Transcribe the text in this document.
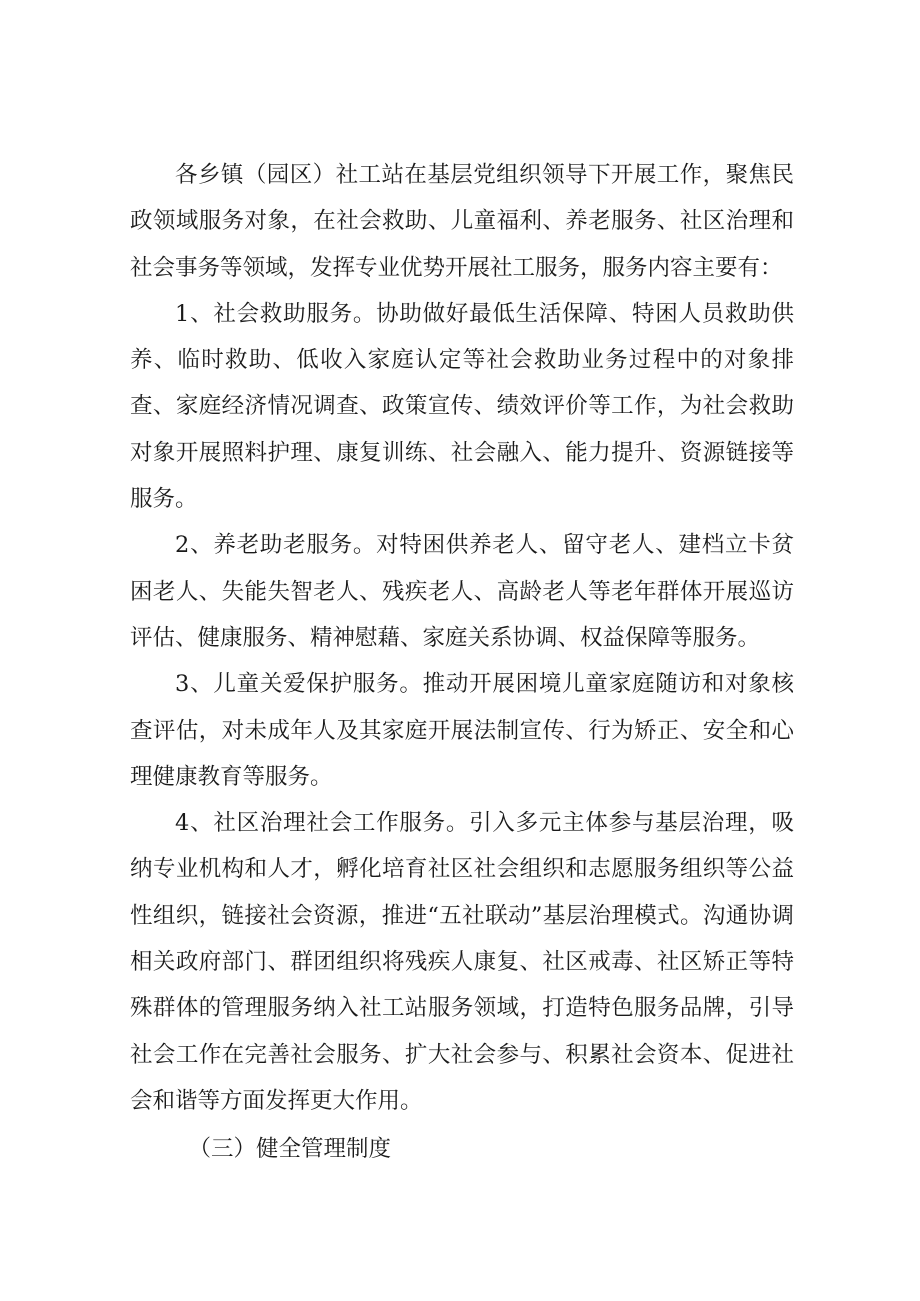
各乡镇（园区）社工站在基层党组织领导下开展工作，聚焦民政领域服务对象，在社会救助、儿童福利、养老服务、社区治理和社会事务等领域，发挥专业优势开展社工服务，服务内容主要有：

1、社会救助服务。协助做好最低生活保障、特困人员救助供养、临时救助、低收入家庭认定等社会救助业务过程中的对象排查、家庭经济情况调查、政策宣传、绩效评价等工作，为社会救助对象开展照料护理、康复训练、社会融入、能力提升、资源链接等服务。

2、养老助老服务。对特困供养老人、留守老人、建档立卡贫困老人、失能失智老人、残疾老人、高龄老人等老年群体开展巡访评估、健康服务、精神慰藉、家庭关系协调、权益保障等服务。

3、儿童关爱保护服务。推动开展困境儿童家庭随访和对象核查评估，对未成年人及其家庭开展法制宣传、行为矫正、安全和心理健康教育等服务。

4、社区治理社会工作服务。引入多元主体参与基层治理，吸纳专业机构和人才，孵化培育社区社会组织和志愿服务组织等公益性组织，链接社会资源，推进“五社联动”基层治理模式。沟通协调相关政府部门、群团组织将残疾人康复、社区戒毒、社区矫正等特殊群体的管理服务纳入社工站服务领域，打造特色服务品牌，引导社会工作在完善社会服务、扩大社会参与、积累社会资本、促进社会和谐等方面发挥更大作用。

（三）健全管理制度
